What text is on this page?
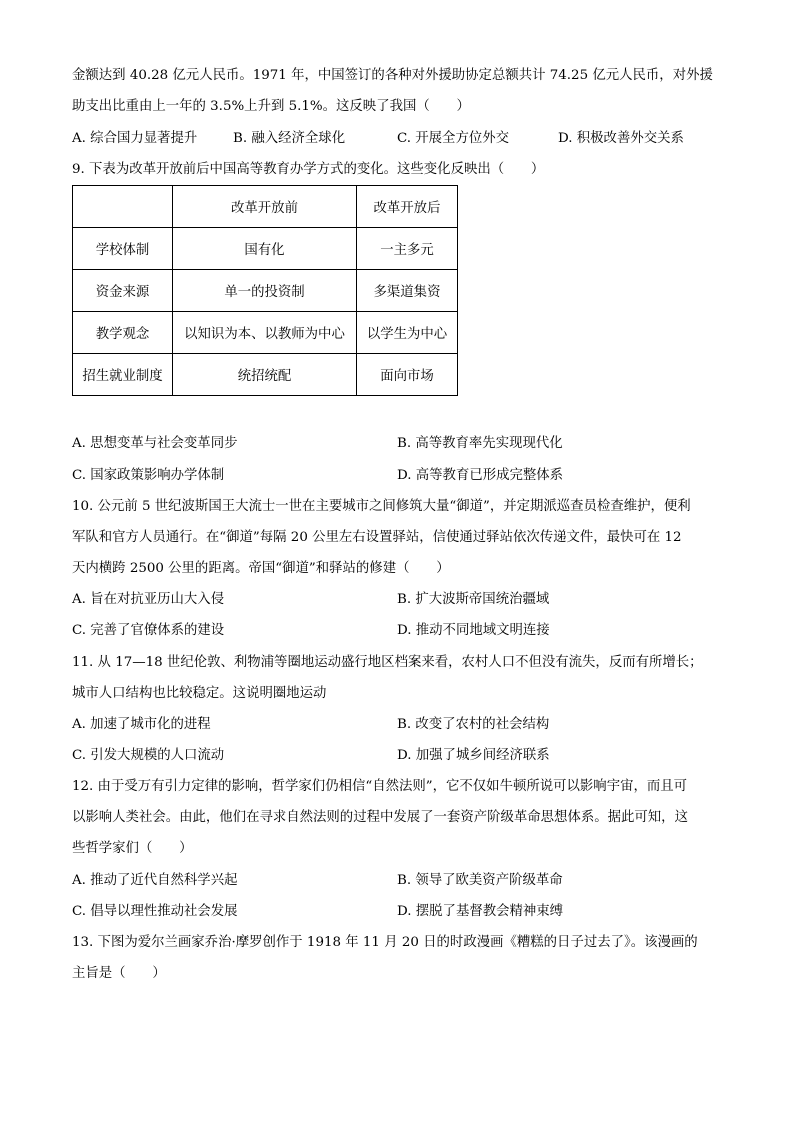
金额达到 40.28 亿元人民币。1971 年，中国签订的各种对外援助协定总额共计 74.25 亿元人民币，对外援
助支出比重由上一年的 3.5%上升到 5.1%。这反映了我国（　　）
A. 综合国力显著提升	B. 融入经济全球化	C. 开展全方位外交	D. 积极改善外交关系
9. 下表为改革开放前后中国高等教育办学方式的变化。这些变化反映出（　　）
	改革开放前	改革开放后
学校体制	国有化	一主多元
资金来源	单一的投资制	多渠道集资
教学观念	以知识为本、以教师为中心	以学生为中心
招生就业制度	统招统配	面向市场
A. 思想变革与社会变革同步	B. 高等教育率先实现现代化
C. 国家政策影响办学体制	D. 高等教育已形成完整体系
10. 公元前 5 世纪波斯国王大流士一世在主要城市之间修筑大量“御道”，并定期派巡查员检查维护，便利
军队和官方人员通行。在“御道”每隔 20 公里左右设置驿站，信使通过驿站依次传递文件，最快可在 12
天内横跨 2500 公里的距离。帝国“御道”和驿站的修建（　　）
A. 旨在对抗亚历山大入侵	B. 扩大波斯帝国统治疆域
C. 完善了官僚体系的建设	D. 推动不同地域文明连接
11. 从 17—18 世纪伦敦、利物浦等圈地运动盛行地区档案来看，农村人口不但没有流失，反而有所增长；
城市人口结构也比较稳定。这说明圈地运动
A. 加速了城市化的进程	B. 改变了农村的社会结构
C. 引发大规模的人口流动	D. 加强了城乡间经济联系
12. 由于受万有引力定律的影响，哲学家们仍相信“自然法则”，它不仅如牛顿所说可以影响宇宙，而且可
以影响人类社会。由此，他们在寻求自然法则的过程中发展了一套资产阶级革命思想体系。据此可知，这
些哲学家们（　　）
A. 推动了近代自然科学兴起	B. 领导了欧美资产阶级革命
C. 倡导以理性推动社会发展	D. 摆脱了基督教会精神束缚
13. 下图为爱尔兰画家乔治·摩罗创作于 1918 年 11 月 20 日的时政漫画《糟糕的日子过去了》。该漫画的
主旨是（　　）
